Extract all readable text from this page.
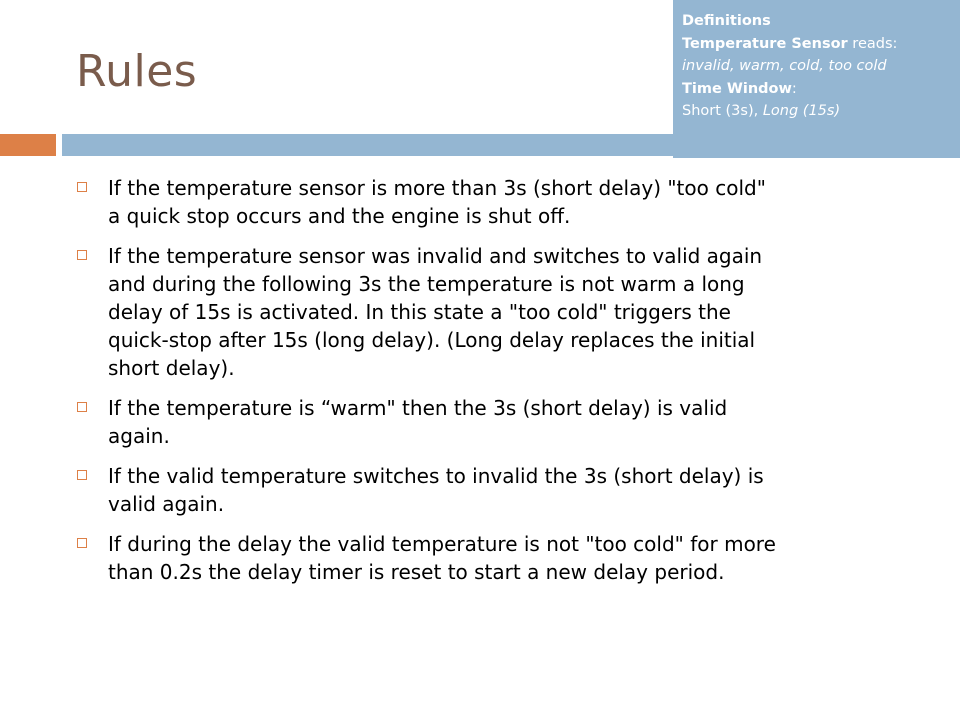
Rules
Definitions
Temperature Sensor reads:
invalid, warm, cold, too cold
Time Window:
Short (3s), Long (15s)
If the temperature sensor is more than 3s (short delay) "too cold" a quick stop occurs and the engine is shut off.
If the temperature sensor was invalid and switches to valid again and during the following 3s the temperature is not warm a long delay of 15s is activated. In this state a "too cold" triggers the quick-stop after 15s (long delay). (Long delay replaces the initial short delay).
If the temperature is “warm" then the 3s (short delay) is valid again.
If the valid temperature switches to invalid the 3s (short delay) is valid again.
If during the delay the valid temperature is not "too cold" for more than 0.2s the delay timer is reset to start a new delay period.
